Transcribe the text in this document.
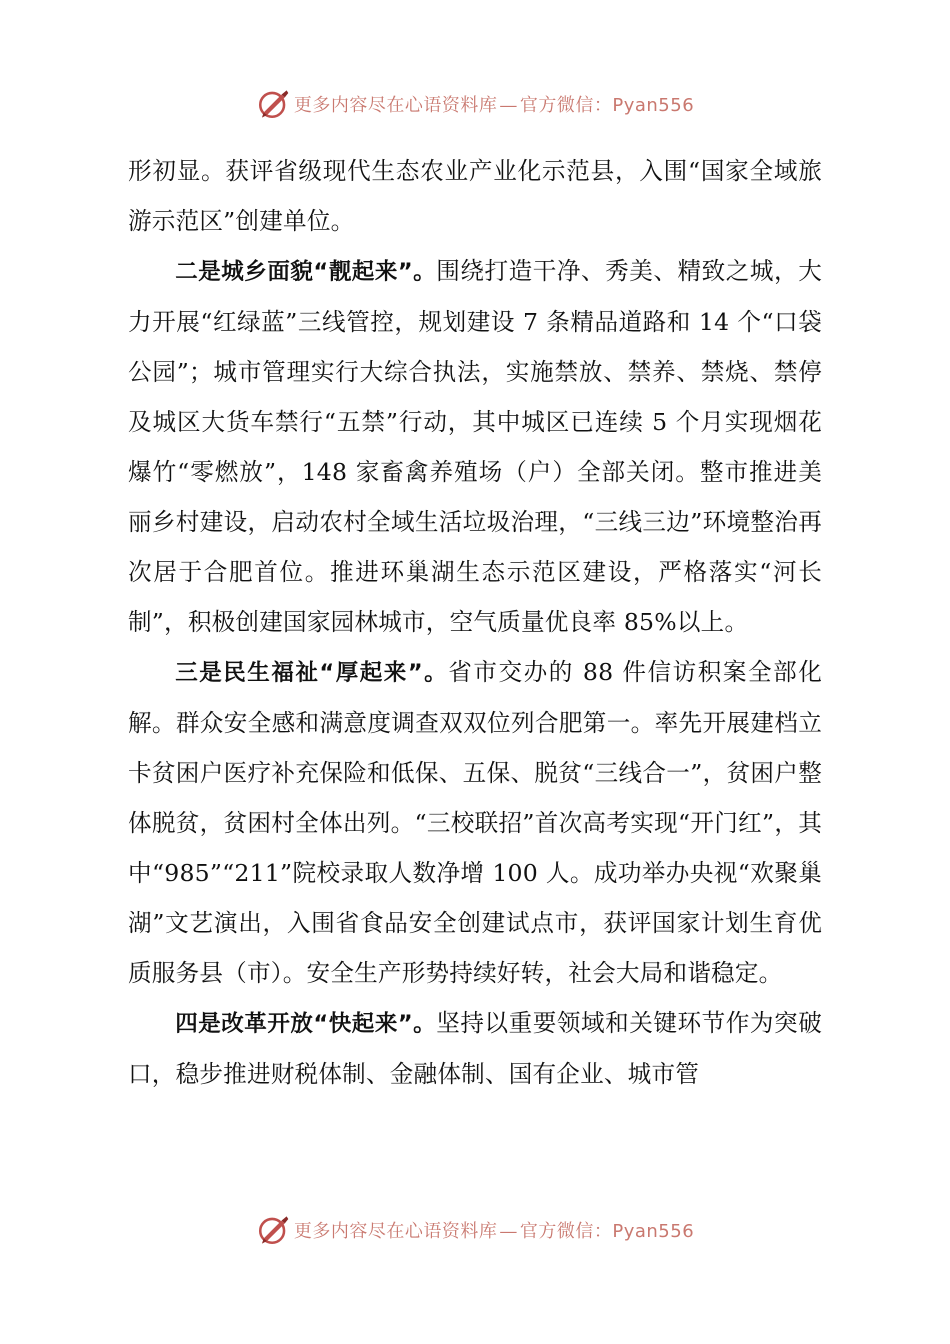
更多内容尽在心语资料库 — 官方微信：Pyan556

形初显。获评省级现代生态农业产业化示范县，入围“国家全域旅游示范区”创建单位。

二是城乡面貌“靓起来”。围绕打造干净、秀美、精致之城，大力开展“红绿蓝”三线管控，规划建设 7 条精品道路和 14 个“口袋公园”；城市管理实行大综合执法，实施禁放、禁养、禁烧、禁停及城区大货车禁行“五禁”行动，其中城区已连续 5 个月实现烟花爆竹“零燃放”，148 家畜禽养殖场（户）全部关闭。整市推进美丽乡村建设，启动农村全域生活垃圾治理，“三线三边”环境整治再次居于合肥首位。推进环巢湖生态示范区建设，严格落实“河长制”，积极创建国家园林城市，空气质量优良率 85%以上。

三是民生福祉“厚起来”。省市交办的 88 件信访积案全部化解。群众安全感和满意度调查双双位列合肥第一。率先开展建档立卡贫困户医疗补充保险和低保、五保、脱贫“三线合一”，贫困户整体脱贫，贫困村全体出列。“三校联招”首次高考实现“开门红”，其中“985”“211”院校录取人数净增 100 人。成功举办央视“欢聚巢湖”文艺演出，入围省食品安全创建试点市，获评国家计划生育优质服务县（市）。安全生产形势持续好转，社会大局和谐稳定。

四是改革开放“快起来”。坚持以重要领域和关键环节作为突破口，稳步推进财税体制、金融体制、国有企业、城市管

更多内容尽在心语资料库 — 官方微信：Pyan556
